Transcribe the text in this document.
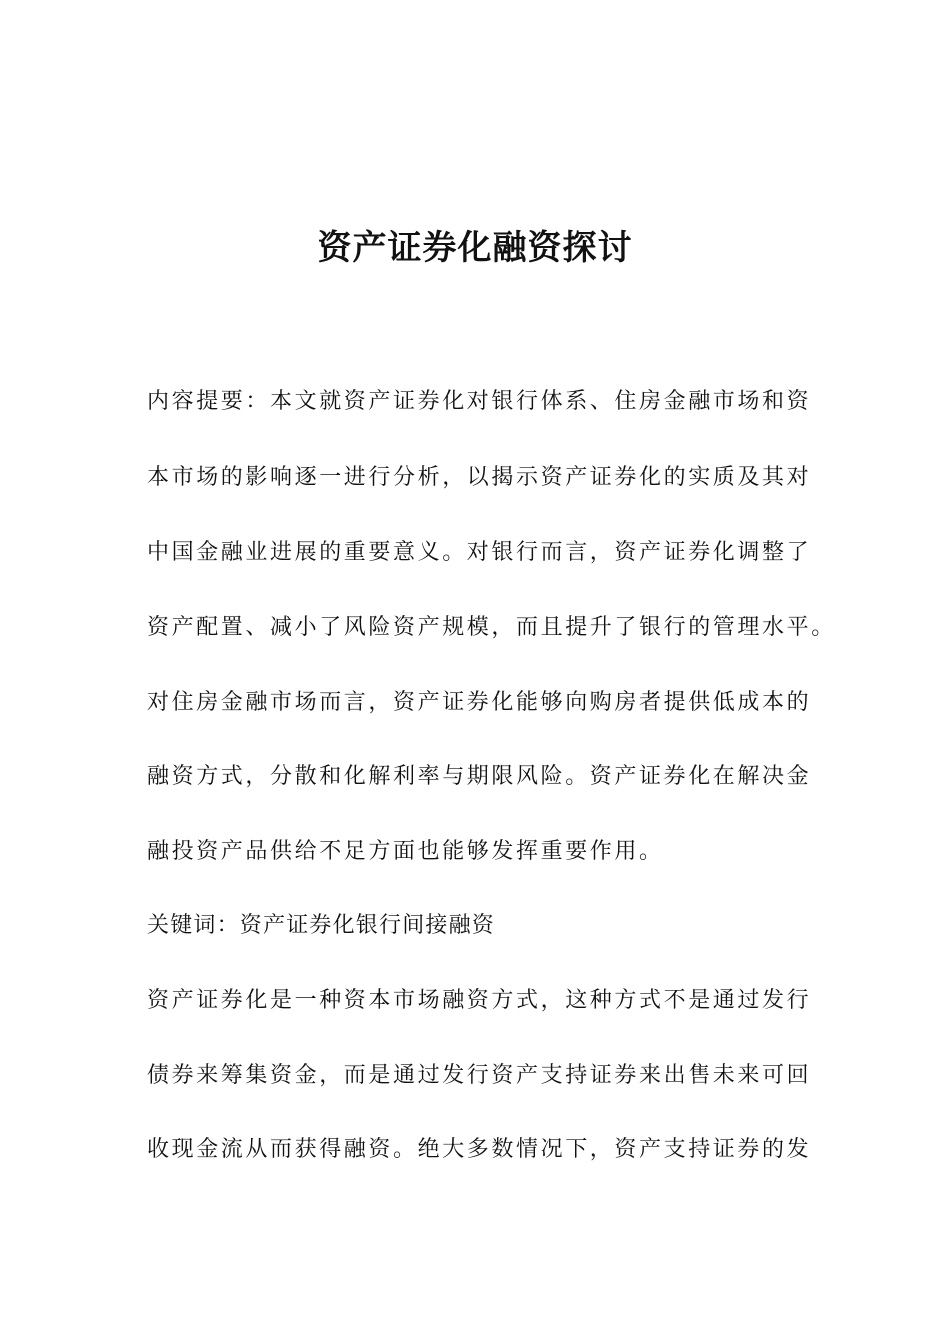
资产证券化融资探讨

内容提要：本文就资产证券化对银行体系、住房金融市场和资

本市场的影响逐一进行分析，以揭示资产证券化的实质及其对

中国金融业进展的重要意义。对银行而言，资产证券化调整了

资产配置、减小了风险资产规模，而且提升了银行的管理水平。

对住房金融市场而言，资产证券化能够向购房者提供低成本的

融资方式，分散和化解利率与期限风险。资产证券化在解决金

融投资产品供给不足方面也能够发挥重要作用。

关键词：资产证券化银行间接融资

资产证券化是一种资本市场融资方式，这种方式不是通过发行

债券来筹集资金，而是通过发行资产支持证券来出售未来可回

收现金流从而获得融资。绝大多数情况下，资产支持证券的发
